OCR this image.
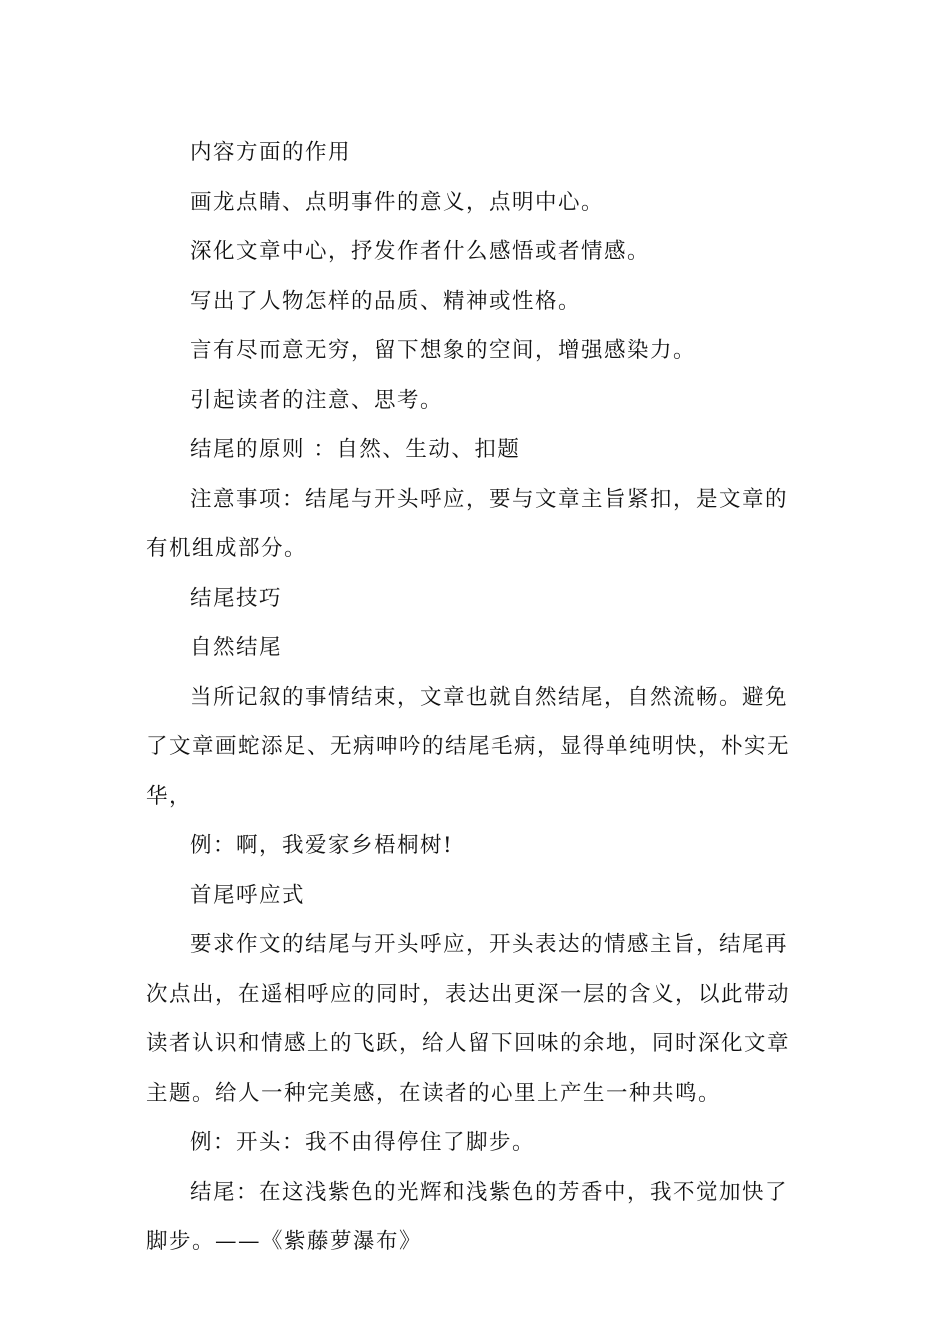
内容方面的作用

画龙点睛、点明事件的意义，点明中心。

深化文章中心，抒发作者什么感悟或者情感。

写出了人物怎样的品质、精神或性格。

言有尽而意无穷，留下想象的空间，增强感染力。

引起读者的注意、思考。

结尾的原则 ：自然、生动、扣题

注意事项：结尾与开头呼应，要与文章主旨紧扣，是文章的有机组成部分。

结尾技巧

自然结尾

当所记叙的事情结束，文章也就自然结尾，自然流畅。避免了文章画蛇添足、无病呻吟的结尾毛病，显得单纯明快，朴实无华，

例：啊，我爱家乡梧桐树!

首尾呼应式

要求作文的结尾与开头呼应，开头表达的情感主旨，结尾再次点出，在遥相呼应的同时，表达出更深一层的含义，以此带动读者认识和情感上的飞跃，给人留下回味的余地，同时深化文章主题。给人一种完美感，在读者的心里上产生一种共鸣。

例：开头：我不由得停住了脚步。

结尾：在这浅紫色的光辉和浅紫色的芳香中，我不觉加快了脚步。——《紫藤萝瀑布》
